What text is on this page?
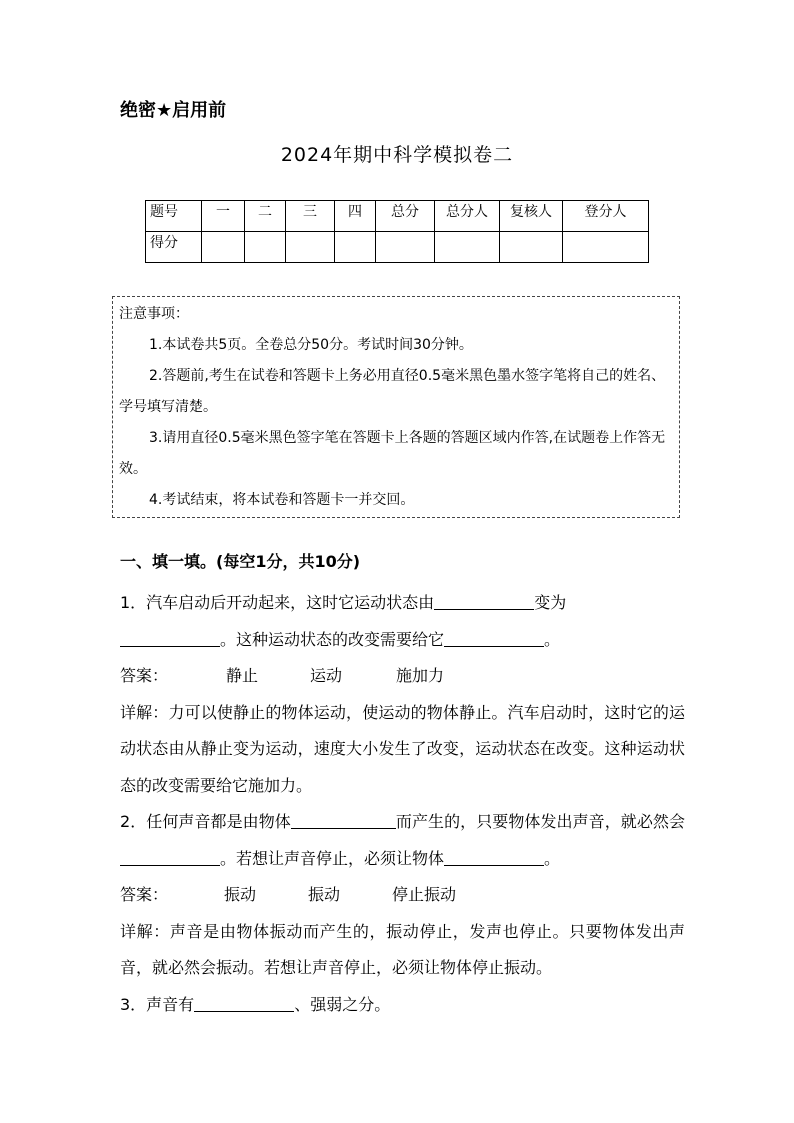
绝密★启用前
2024年期中科学模拟卷二
题号	一	二	三	四	总分	总分人	复核人	登分人
得分								
注意事项：
1.本试卷共5页。全卷总分50分。考试时间30分钟。
2.答题前,考生在试卷和答题卡上务必用直径0.5毫米黑色墨水签字笔将自己的姓名、学号填写清楚。
3.请用直径0.5毫米黑色签字笔在答题卡上各题的答题区域内作答,在试题卷上作答无效。
4.考试结束，将本试卷和答题卡一并交回。
一、填一填。(每空1分，共10分)

1．汽车启动后开动起来，这时它运动状态由	变为
。这种运动状态的改变需要给它	。

答案：	静止	运动	施加力

详解：力可以使静止的物体运动，使运动的物体静止。汽车启动时，这时它的运动状态由从静止变为运动，速度大小发生了改变，运动状态在改变。这种运动状态的改变需要给它施加力。

2．任何声音都是由物体	而产生的，只要物体发出声音，就必然会。若想让声音停止，必须让物体	。

答案：	振动	振动	停止振动

详解：声音是由物体振动而产生的，振动停止，发声也停止。只要物体发出声音，就必然会振动。若想让声音停止，必须让物体停止振动。

3．声音有	、强弱之分。
